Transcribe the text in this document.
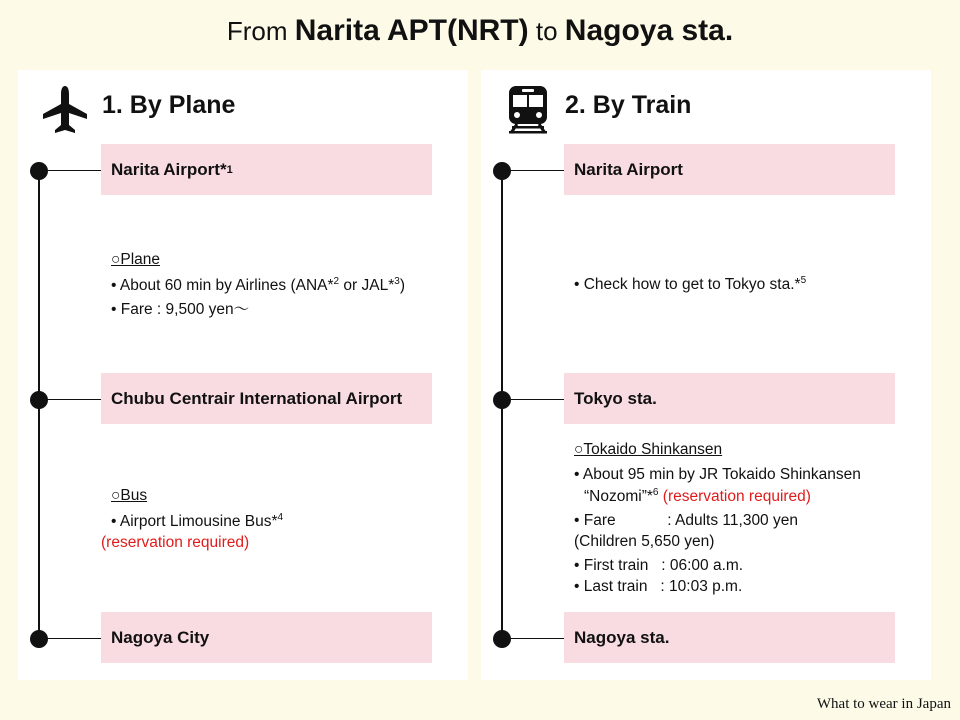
From Narita APT(NRT) to Nagoya sta.
1. By Plane
Narita Airport* 1
○Plane
• About 60 min by Airlines (ANA*$^2$ or JAL*$^3$)
• Fare : 9,500 yen～
Chubu Centrair International Airport
○Bus
• Airport Limousine Bus*$^4$
(reservation required)
Nagoya City
2. By Train
Narita Airport
• Check how to get to Tokyo sta.*$^5$
Tokyo sta.
○Tokaido Shinkansen
• About 95 min by JR Tokaido Shinkansen
“Nozomi”*$^6$ (reservation required)
• Fare            : Adults 11,300 yen
(Children 5,650 yen)
• First train   : 06:00 a.m.
• Last train   : 10:03 p.m.
Nagoya sta.
What to wear in Japan
